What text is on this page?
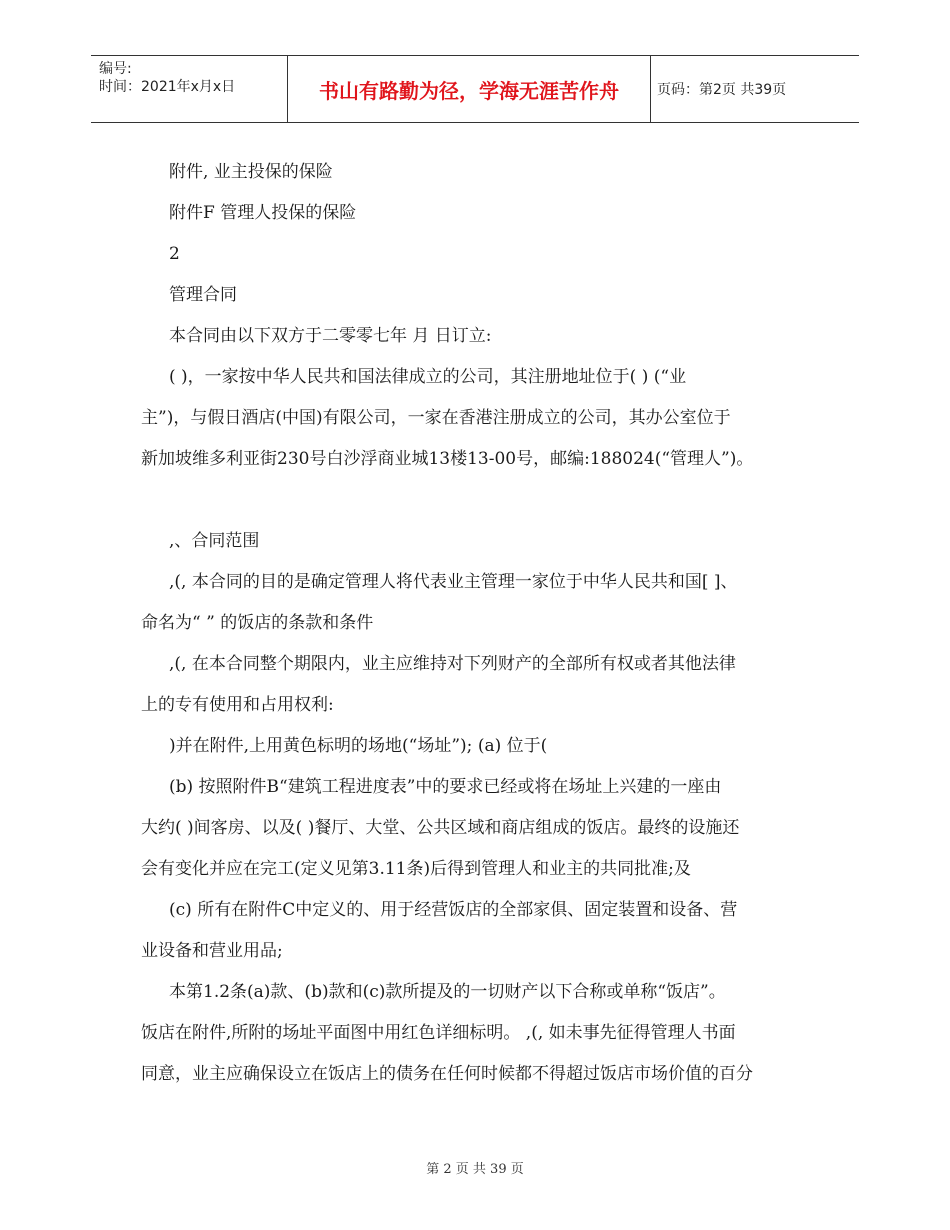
编号:
时间：2021年x月x日	书山有路勤为径，学海无涯苦作舟	页码：第2页 共39页

附件, 业主投保的保险

附件F 管理人投保的保险

2

管理合同

本合同由以下双方于二零零七年 月 日订立:

( )，一家按中华人民共和国法律成立的公司，其注册地址位于( ) (“业

主”)，与假日酒店(中国)有限公司，一家在香港注册成立的公司，其办公室位于

新加坡维多利亚街230号白沙浮商业城13楼13-00号，邮编:188024(“管理人”)。

,、合同范围

,(, 本合同的目的是确定管理人将代表业主管理一家位于中华人民共和国[ ]、

命名为“ ” 的饭店的条款和条件

,(, 在本合同整个期限内，业主应维持对下列财产的全部所有权或者其他法律

上的专有使用和占用权利:

)并在附件,上用黄色标明的场地(“场址”); (a) 位于(

(b) 按照附件B“建筑工程进度表”中的要求已经或将在场址上兴建的一座由

大约( )间客房、以及( )餐厅、大堂、公共区域和商店组成的饭店。最终的设施还

会有变化并应在完工(定义见第3.11条)后得到管理人和业主的共同批准;及

(c) 所有在附件C中定义的、用于经营饭店的全部家俱、固定装置和设备、营

业设备和营业用品;

本第1.2条(a)款、(b)款和(c)款所提及的一切财产以下合称或单称“饭店”。

饭店在附件,所附的场址平面图中用红色详细标明。 ,(, 如未事先征得管理人书面

同意，业主应确保设立在饭店上的债务在任何时候都不得超过饭店市场价值的百分

第 2 页 共 39 页
